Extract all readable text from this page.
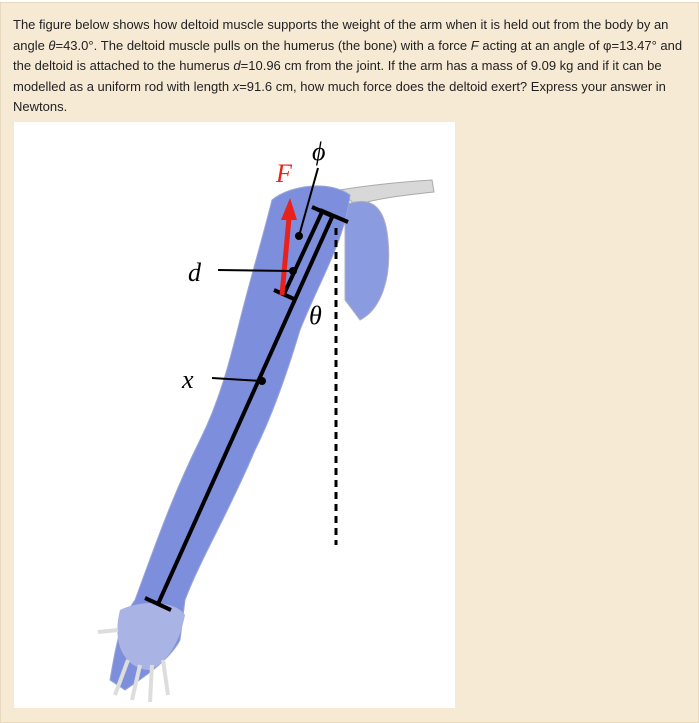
The figure below shows how deltoid muscle supports the weight of the arm when it is held out from the body by an angle θ=43.0°. The deltoid muscle pulls on the humerus (the bone) with a force F acting at an angle of φ=13.47° and the deltoid is attached to the humerus d=10.96 cm from the joint. If the arm has a mass of 9.09 kg and if it can be modelled as a uniform rod with length x=91.6 cm, how much force does the deltoid exert? Express your answer in Newtons.

F
ϕ
d
θ
x
